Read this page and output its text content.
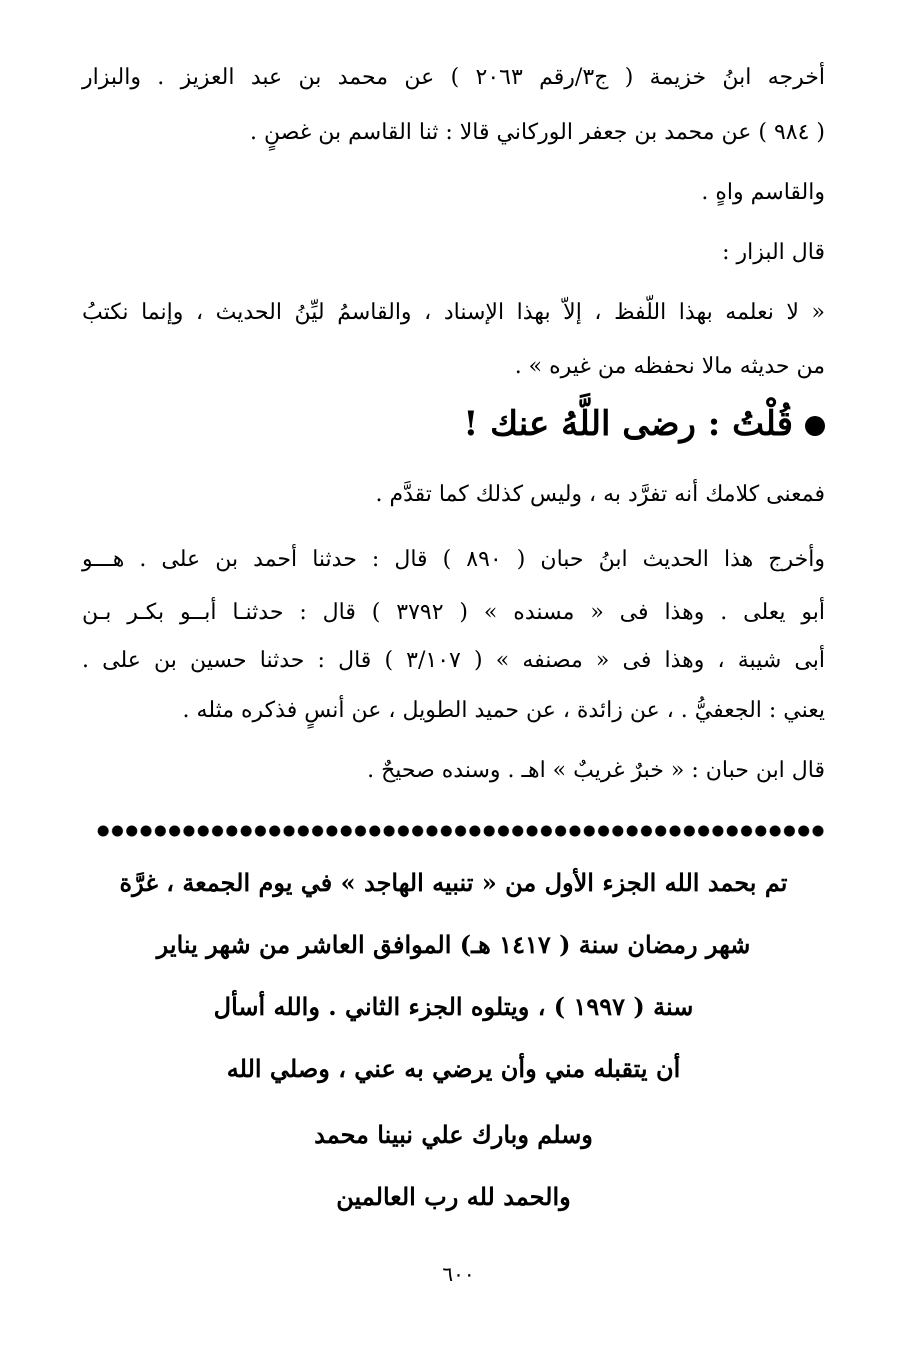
أخرجه ابنُ خزيمة ( ج٣/رقم ٢٠٦٣ ) عن محمد بن عبد العزيز . والبزار
( ٩٨٤ ) عن محمد بن جعفر الوركاني قالا : ثنا القاسم بن غصنٍ .
والقاسم واهٍ .
قال البزار :
« لا نعلمه بهذا اللّفظ ، إلاّ بهذا الإسناد ، والقاسمُ ليِّنُ الحديث ، وإنما نكتبُ
من حديثه مالا نحفظه من غيره » .
قُلْتُ : رضى اللَّهُ عنك !
فمعنى كلامك أنه تفرَّد به ، وليس كذلك كما تقدَّم .
وأخرج هذا الحديث ابنُ حبان ( ٨٩٠ ) قال : حدثنا أحمد بن على . هـــو
أبو يعلى . وهذا فى « مسنده » ( ٣٧٩٢ ) قال : حدثنـا أبــو بكـر بـن
أبى شيبة ، وهذا فى « مصنفه » ( ٣/١٠٧ ) قال : حدثنا حسين بن على .
يعني : الجعفيُّ . ، عن زائدة ، عن حميد الطويل ، عن أنسٍ فذكره مثله .
قال ابن حبان : « خبرٌ غريبٌ » اهـ . وسنده صحيحٌ .
تم بحمد الله الجزء الأول من « تنبيه الهاجد » في يوم الجمعة ، غرَّة
شهر رمضان سنة ( ١٤١٧ هـ) الموافق العاشر من شهر يناير
سنة ( ١٩٩٧ ) ، ويتلوه الجزء الثاني . والله أسأل
أن يتقبله مني وأن يرضي به عني ، وصلي الله
وسلم وبارك علي نبينا محمد
والحمد لله رب العالمين
٦٠٠
